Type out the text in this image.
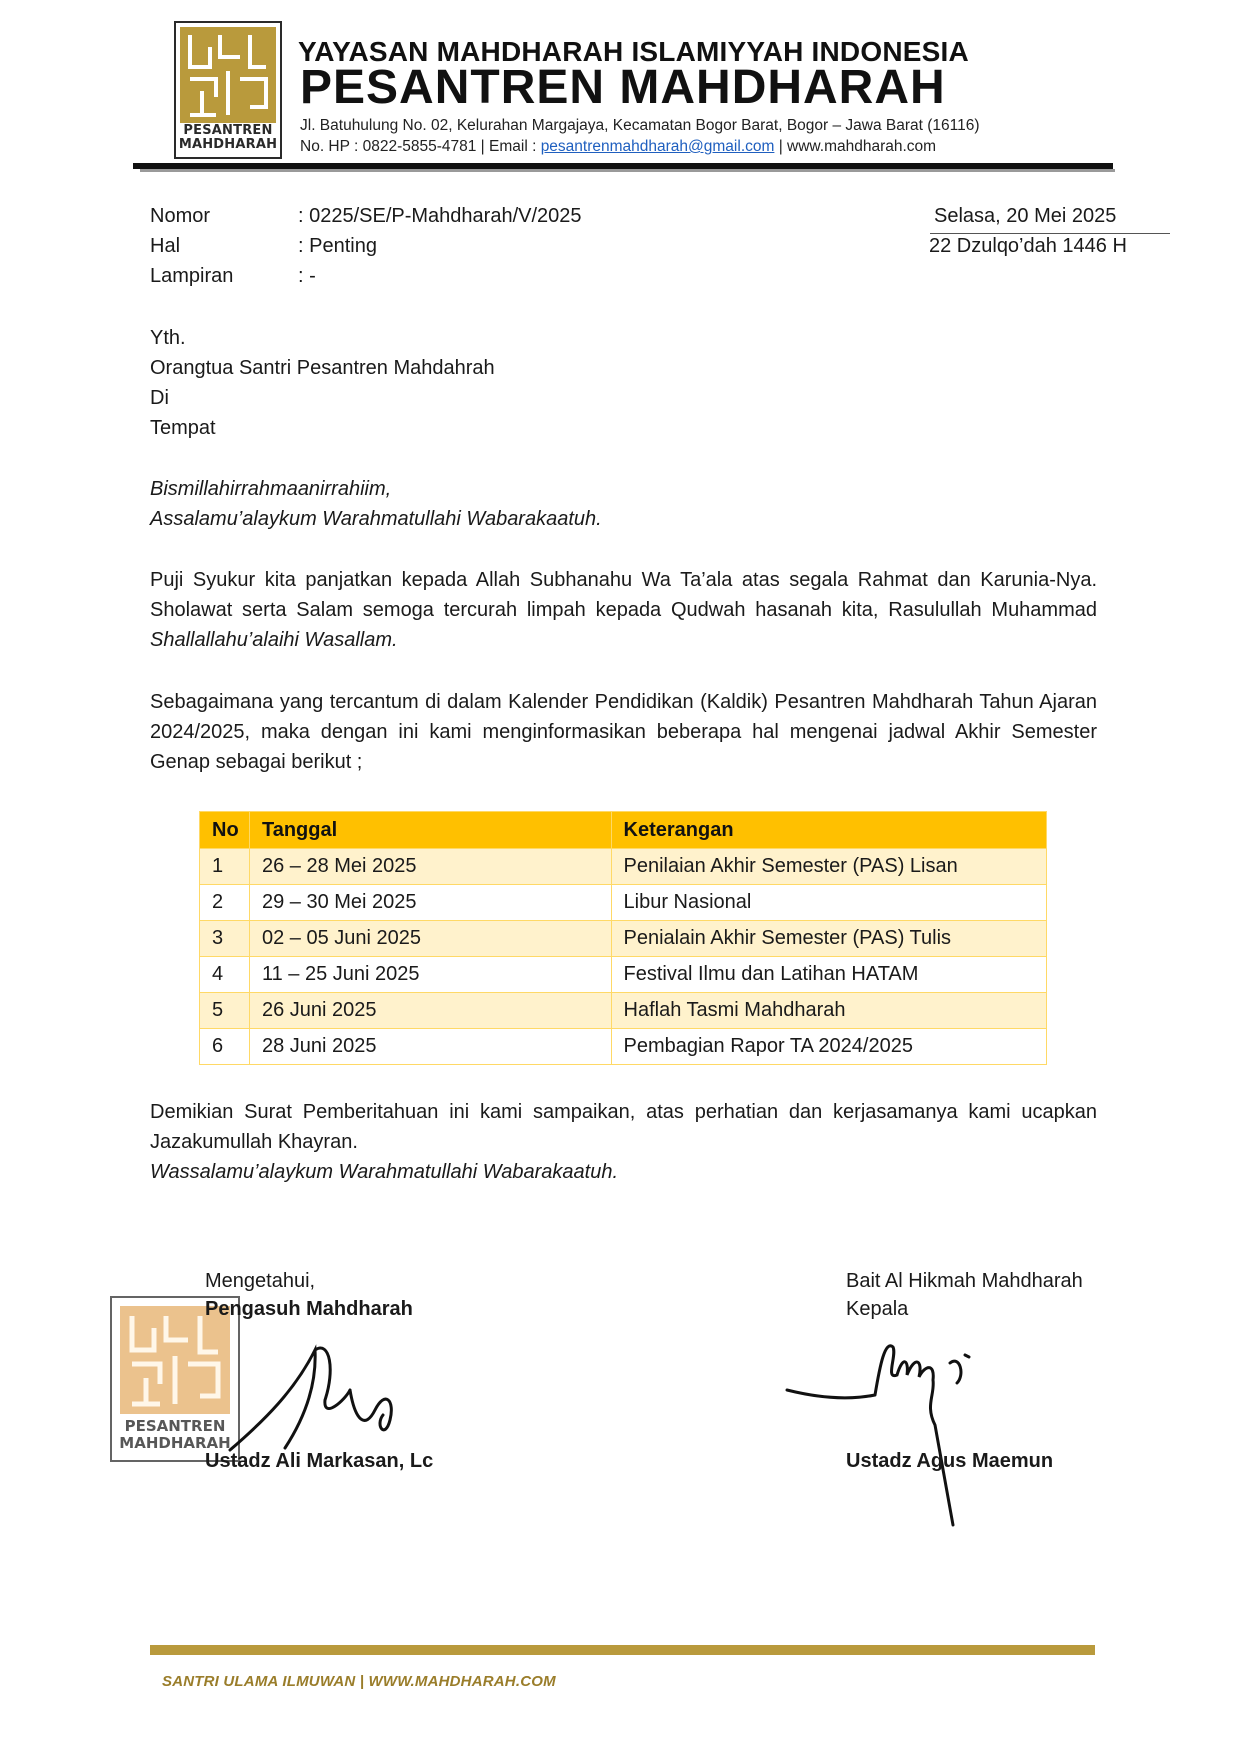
PESANTREN
MAHDHARAH
YAYASAN MAHDHARAH ISLAMIYYAH INDONESIA
PESANTREN MAHDHARAH
Jl. Batuhulung No. 02, Kelurahan Margajaya, Kecamatan Bogor Barat, Bogor – Jawa Barat (16116)
No. HP : 0822-5855-4781 | Email : pesantrenmahdharah@gmail.com | www.mahdharah.com
Nomor	: 0225/SE/P-Mahdharah/V/2025
Hal	: Penting
Lampiran	: -
Selasa, 20 Mei 2025
22 Dzulqo’dah 1446 H
Yth.
Orangtua Santri Pesantren Mahdahrah
Di
Tempat
Bismillahirrahmaanirrahiim,
Assalamu’alaykum Warahmatullahi Wabarakaatuh.
Puji Syukur kita panjatkan kepada Allah Subhanahu Wa Ta’ala atas segala Rahmat dan Karunia-Nya. Sholawat serta Salam semoga tercurah limpah kepada Qudwah hasanah kita, Rasulullah Muhammad Shallallahu’alaihi Wasallam.
Sebagaimana yang tercantum di dalam Kalender Pendidikan (Kaldik) Pesantren Mahdharah Tahun Ajaran 2024/2025, maka dengan ini kami menginformasikan beberapa hal mengenai jadwal Akhir Semester Genap sebagai berikut ;
No	Tanggal	Keterangan
1	26 – 28 Mei 2025	Penilaian Akhir Semester (PAS) Lisan
2	29 – 30 Mei 2025	Libur Nasional
3	02 – 05 Juni 2025	Penialain Akhir Semester (PAS) Tulis
4	11 – 25 Juni 2025	Festival Ilmu dan Latihan HATAM
5	26 Juni 2025	Haflah Tasmi Mahdharah
6	28 Juni 2025	Pembagian Rapor TA 2024/2025
Demikian Surat Pemberitahuan ini kami sampaikan, atas perhatian dan kerjasamanya kami ucapkan Jazakumullah Khayran.
Wassalamu’alaykum Warahmatullahi Wabarakaatuh.
PESANTREN
MAHDHARAH
Mengetahui,
Pengasuh Mahdharah
Ustadz Ali Markasan, Lc
Bait Al Hikmah Mahdharah
Kepala
Ustadz Agus Maemun
SANTRI ULAMA ILMUWAN | WWW.MAHDHARAH.COM
